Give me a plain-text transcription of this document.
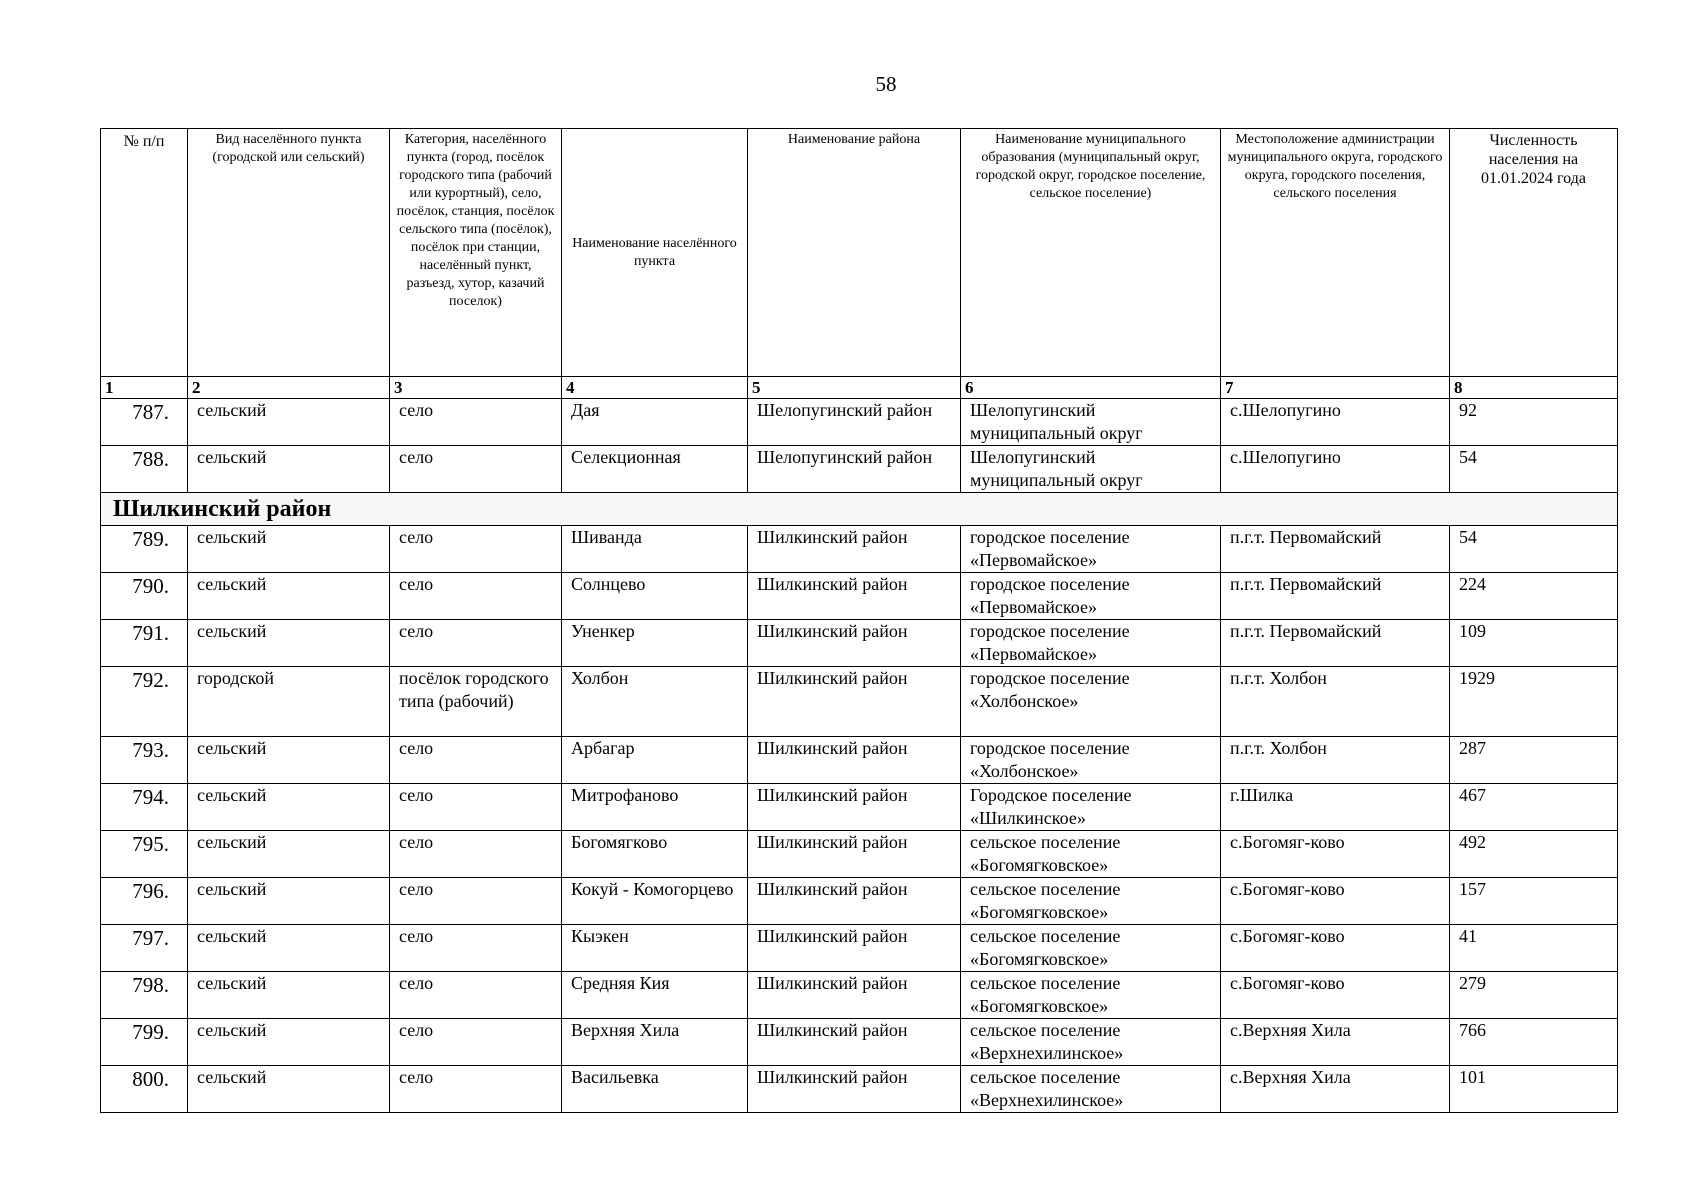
58
№ п/п	Вид населённого пункта (городской или сельский)	Категория, населённого пункта (город, посёлок городского типа (рабочий или курортный), село, посёлок, станция, посёлок сельского типа (посёлок), посёлок при станции, населённый пункт, разъезд, хутор, казачий поселок)	Наименование населённого пункта	Наименование района	Наименование муниципального образования (муниципальный округ, городской округ, городское поселение, сельское поселение)	Местоположение администрации муниципального округа, городского округа, городского поселения, сельского поселения	Численность населения на 01.01.2024 года
1	2	3	4	5	6	7	8
787.	сельский	село	Дая	Шелопугинский район	Шелопугинский муниципальный округ	с.Шелопугино	92
788.	сельский	село	Селекционная	Шелопугинский район	Шелопугинский муниципальный округ	с.Шелопугино	54
Шилкинский район							
789.	сельский	село	Шиванда	Шилкинский район	городское поселение «Первомайское»	п.г.т. Первомайский	54
790.	сельский	село	Солнцево	Шилкинский район	городское поселение «Первомайское»	п.г.т. Первомайский	224
791.	сельский	село	Уненкер	Шилкинский район	городское поселение «Первомайское»	п.г.т. Первомайский	109
792.	городской	посёлок городского типа (рабочий)	Холбон	Шилкинский район	городское поселение «Холбонское»	п.г.т. Холбон	1929
793.	сельский	село	Арбагар	Шилкинский район	городское поселение «Холбонское»	п.г.т. Холбон	287
794.	сельский	село	Митрофаново	Шилкинский район	Городское поселение «Шилкинское»	г.Шилка	467
795.	сельский	село	Богомягково	Шилкинский район	сельское поселение «Богомягковское»	с.Богомяг-ково	492
796.	сельский	село	Кокуй - Комогорцево	Шилкинский район	сельское поселение «Богомягковское»	с.Богомяг-ково	157
797.	сельский	село	Кыэкен	Шилкинский район	сельское поселение «Богомягковское»	с.Богомяг-ково	41
798.	сельский	село	Средняя Кия	Шилкинский район	сельское поселение «Богомягковское»	с.Богомяг-ково	279
799.	сельский	село	Верхняя Хила	Шилкинский район	сельское поселение «Верхнехилинское»	с.Верхняя Хила	766
800.	сельский	село	Васильевка	Шилкинский район	сельское поселение «Верхнехилинское»	с.Верхняя Хила	101
